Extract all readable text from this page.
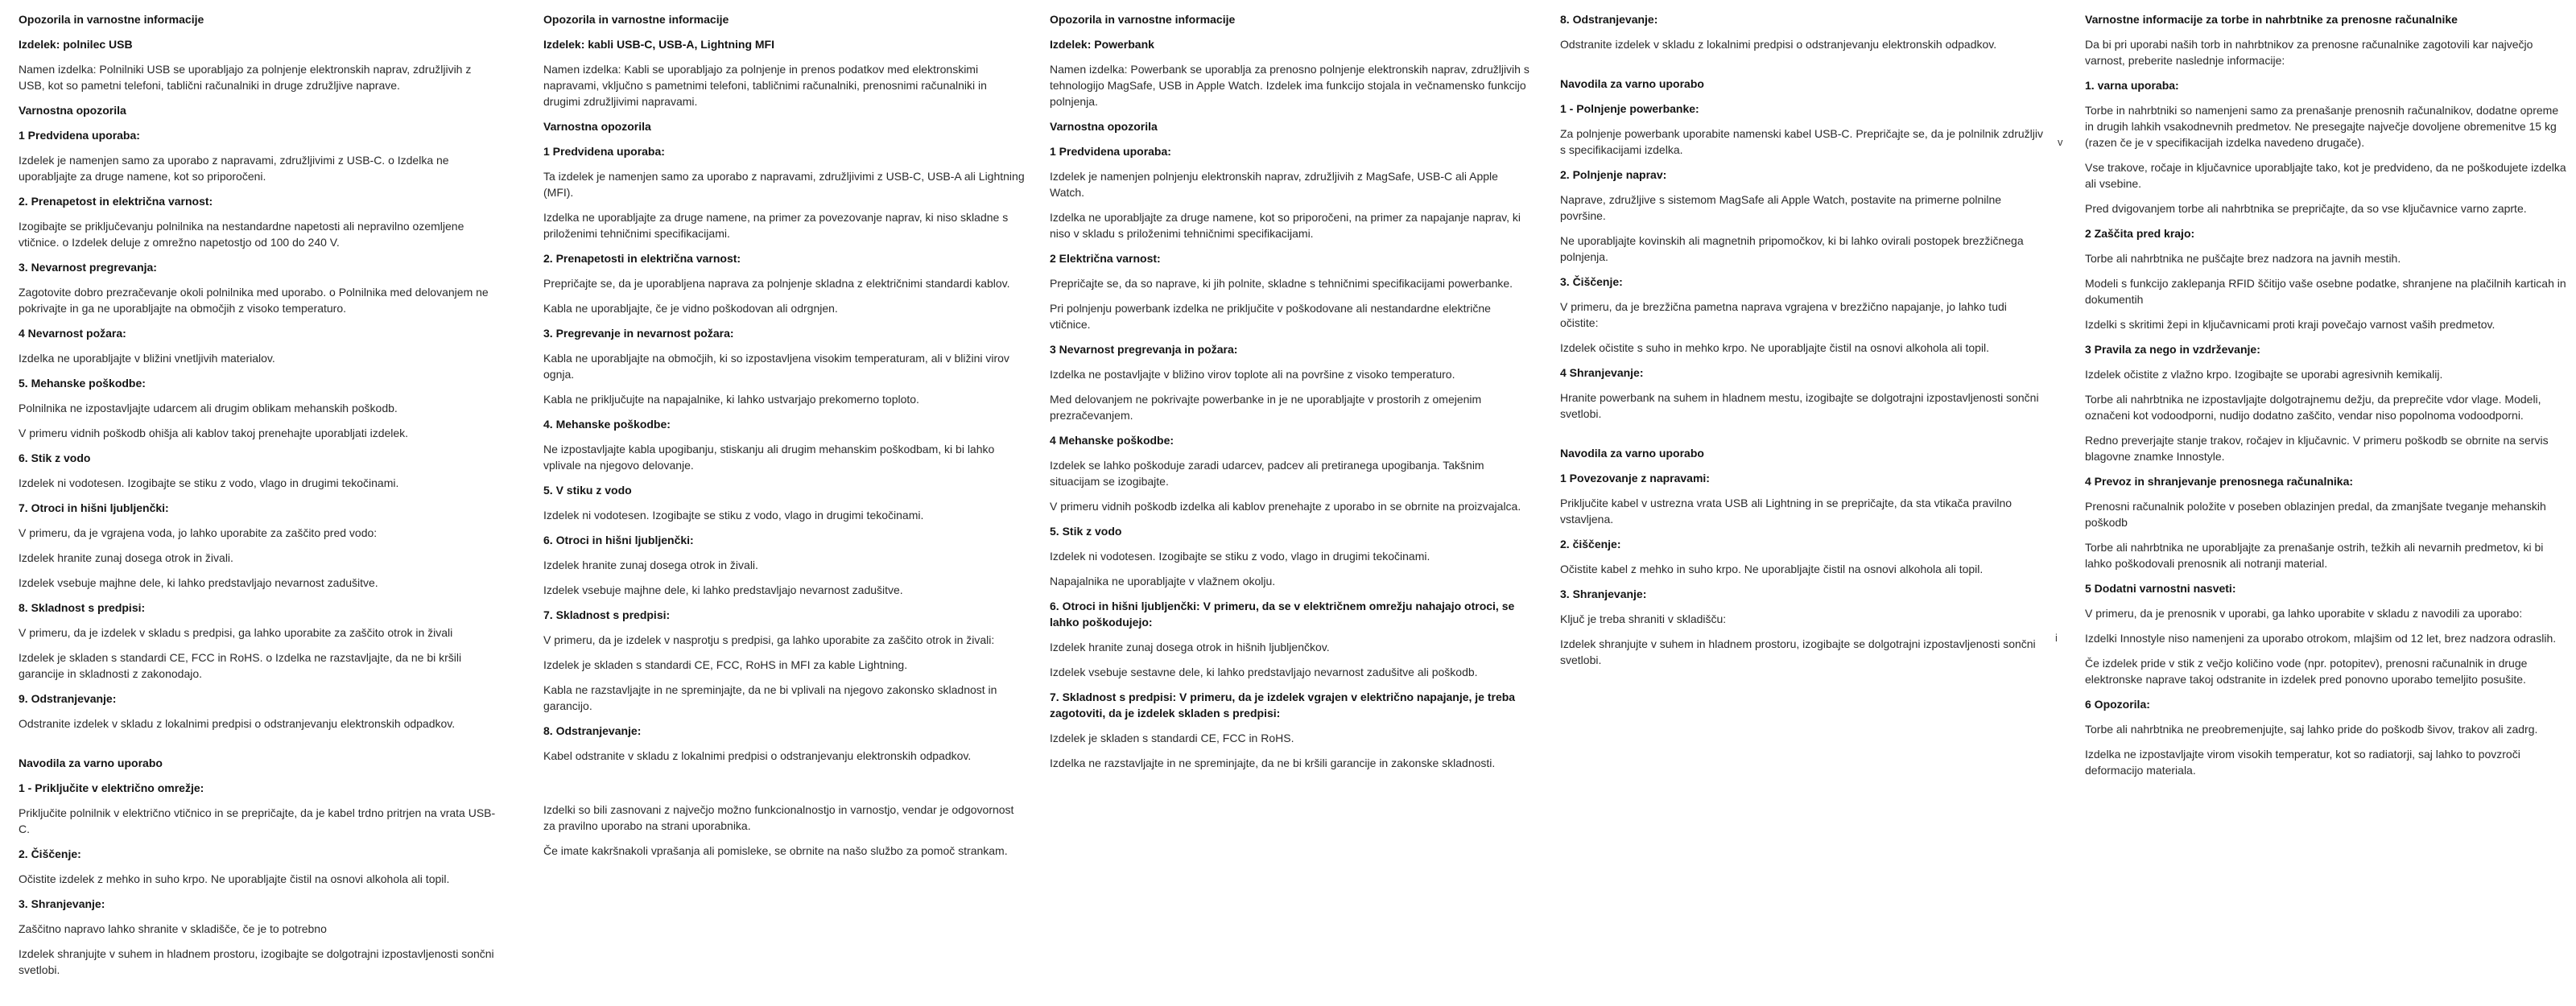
Opozorila in varnostne informacije
Izdelek: polnilec USB
Namen izdelka: Polnilniki USB se uporabljajo za polnjenje elektronskih naprav, združljivih z USB, kot so pametni telefoni, tablični računalniki in druge združljive naprave.
Varnostna opozorila
1 Predvidena uporaba:
Izdelek je namenjen samo za uporabo z napravami, združljivimi z USB-C. o Izdelka ne uporabljajte za druge namene, kot so priporočeni.
2. Prenapetost in električna varnost:
Izogibajte se priključevanju polnilnika na nestandardne napetosti ali nepravilno ozemljene vtičnice. o Izdelek deluje z omrežno napetostjo od 100 do 240 V.
3. Nevarnost pregrevanja:
Zagotovite dobro prezračevanje okoli polnilnika med uporabo. o Polnilnika med delovanjem ne pokrivajte in ga ne uporabljajte na območjih z visoko temperaturo.
4 Nevarnost požara:
Izdelka ne uporabljajte v bližini vnetljivih materialov.
5. Mehanske poškodbe:
Polnilnika ne izpostavljajte udarcem ali drugim oblikam mehanskih poškodb.
V primeru vidnih poškodb ohišja ali kablov takoj prenehajte uporabljati izdelek.
6. Stik z vodo
Izdelek ni vodotesen. Izogibajte se stiku z vodo, vlago in drugimi tekočinami.
7. Otroci in hišni ljubljenčki:
V primeru, da je vgrajena voda, jo lahko uporabite za zaščito pred vodo:
Izdelek hranite zunaj dosega otrok in živali.
Izdelek vsebuje majhne dele, ki lahko predstavljajo nevarnost zadušitve.
8. Skladnost s predpisi:
V primeru, da je izdelek v skladu s predpisi, ga lahko uporabite za zaščito otrok in živali
Izdelek je skladen s standardi CE, FCC in RoHS. o Izdelka ne razstavljajte, da ne bi kršili garancije in skladnosti z zakonodajo.
9. Odstranjevanje:
Odstranite izdelek v skladu z lokalnimi predpisi o odstranjevanju elektronskih odpadkov.
Navodila za varno uporabo
1 - Priključite v električno omrežje:
Priključite polnilnik v električno vtičnico in se prepričajte, da je kabel trdno pritrjen na vrata USB-C.
2. Čiščenje:
Očistite izdelek z mehko in suho krpo. Ne uporabljajte čistil na osnovi alkohola ali topil.
3. Shranjevanje:
Zaščitno napravo lahko shranite v skladišče, če je to potrebno
Izdelek shranjujte v suhem in hladnem prostoru, izogibajte se dolgotrajni izpostavljenosti sončni svetlobi.
Opozorila in varnostne informacije
Izdelek: kabli USB-C, USB-A, Lightning MFI
Namen izdelka: Kabli se uporabljajo za polnjenje in prenos podatkov med elektronskimi napravami, vključno s pametnimi telefoni, tabličnimi računalniki, prenosnimi računalniki in drugimi združljivimi napravami.
Varnostna opozorila
1 Predvidena uporaba:
Ta izdelek je namenjen samo za uporabo z napravami, združljivimi z USB-C, USB-A ali Lightning (MFI).
Izdelka ne uporabljajte za druge namene, na primer za povezovanje naprav, ki niso skladne s priloženimi tehničnimi specifikacijami.
2. Prenapetosti in električna varnost:
Prepričajte se, da je uporabljena naprava za polnjenje skladna z električnimi standardi kablov.
Kabla ne uporabljajte, če je vidno poškodovan ali odrgnjen.
3. Pregrevanje in nevarnost požara:
Kabla ne uporabljajte na območjih, ki so izpostavljena visokim temperaturam, ali v bližini virov ognja.
Kabla ne priključujte na napajalnike, ki lahko ustvarjajo prekomerno toploto.
4. Mehanske poškodbe:
Ne izpostavljajte kabla upogibanju, stiskanju ali drugim mehanskim poškodbam, ki bi lahko vplivale na njegovo delovanje.
5. V stiku z vodo
Izdelek ni vodotesen. Izogibajte se stiku z vodo, vlago in drugimi tekočinami.
6. Otroci in hišni ljubljenčki:
Izdelek hranite zunaj dosega otrok in živali.
Izdelek vsebuje majhne dele, ki lahko predstavljajo nevarnost zadušitve.
7. Skladnost s predpisi:
V primeru, da je izdelek v nasprotju s predpisi, ga lahko uporabite za zaščito otrok in živali:
Izdelek je skladen s standardi CE, FCC, RoHS in MFI za kable Lightning.
Kabla ne razstavljajte in ne spreminjajte, da ne bi vplivali na njegovo zakonsko skladnost in garancijo.
8. Odstranjevanje:
Kabel odstranite v skladu z lokalnimi predpisi o odstranjevanju elektronskih odpadkov.
Izdelki so bili zasnovani z največjo možno funkcionalnostjo in varnostjo, vendar je odgovornost za pravilno uporabo na strani uporabnika.
Če imate kakršnakoli vprašanja ali pomisleke, se obrnite na našo službo za pomoč strankam.
Opozorila in varnostne informacije
Izdelek: Powerbank
Namen izdelka: Powerbank se uporablja za prenosno polnjenje elektronskih naprav, združljivih s tehnologijo MagSafe, USB in Apple Watch. Izdelek ima funkcijo stojala in večnamensko funkcijo polnjenja.
Varnostna opozorila
1 Predvidena uporaba:
Izdelek je namenjen polnjenju elektronskih naprav, združljivih z MagSafe, USB-C ali Apple Watch.
Izdelka ne uporabljajte za druge namene, kot so priporočeni, na primer za napajanje naprav, ki niso v skladu s priloženimi tehničnimi specifikacijami.
2 Električna varnost:
Prepričajte se, da so naprave, ki jih polnite, skladne s tehničnimi specifikacijami powerbanke.
Pri polnjenju powerbank izdelka ne priključite v poškodovane ali nestandardne električne vtičnice.
3 Nevarnost pregrevanja in požara:
Izdelka ne postavljajte v bližino virov toplote ali na površine z visoko temperaturo.
Med delovanjem ne pokrivajte powerbanke in je ne uporabljajte v prostorih z omejenim prezračevanjem.
4 Mehanske poškodbe:
Izdelek se lahko poškoduje zaradi udarcev, padcev ali pretiranega upogibanja. Takšnim situacijam se izogibajte.
V primeru vidnih poškodb izdelka ali kablov prenehajte z uporabo in se obrnite na proizvajalca.
5. Stik z vodo
Izdelek ni vodotesen. Izogibajte se stiku z vodo, vlago in drugimi tekočinami.
Napajalnika ne uporabljajte v vlažnem okolju.
6. Otroci in hišni ljubljenčki: V primeru, da se v električnem omrežju nahajajo otroci, se lahko poškodujejo:
Izdelek hranite zunaj dosega otrok in hišnih ljubljenčkov.
Izdelek vsebuje sestavne dele, ki lahko predstavljajo nevarnost zadušitve ali poškodb.
7. Skladnost s predpisi: V primeru, da je izdelek vgrajen v električno napajanje, je treba zagotoviti, da je izdelek skladen s predpisi:
Izdelek je skladen s standardi CE, FCC in RoHS.
Izdelka ne razstavljajte in ne spreminjajte, da ne bi kršili garancije in zakonske skladnosti.
8. Odstranjevanje:
Odstranite izdelek v skladu z lokalnimi predpisi o odstranjevanju elektronskih odpadkov.
Navodila za varno uporabo
1 - Polnjenje powerbanke:
Za polnjenje powerbank uporabite namenski kabel USB-C. Prepričajte se, da je polnilnik združljiv s specifikacijami izdelka.
2. Polnjenje naprav:
Naprave, združljive s sistemom MagSafe ali Apple Watch, postavite na primerne polnilne površine.
Ne uporabljajte kovinskih ali magnetnih pripomočkov, ki bi lahko ovirali postopek brezžičnega polnjenja.
3. Čiščenje:
V primeru, da je brezžična pametna naprava vgrajena v brezžično napajanje, jo lahko tudi očistite:
Izdelek očistite s suho in mehko krpo. Ne uporabljajte čistil na osnovi alkohola ali topil.
4 Shranjevanje:
Hranite powerbank na suhem in hladnem mestu, izogibajte se dolgotrajni izpostavljenosti sončni svetlobi.
Navodila za varno uporabo
1 Povezovanje z napravami:
Priključite kabel v ustrezna vrata USB ali Lightning in se prepričajte, da sta vtikača pravilno vstavljena.
2. čiščenje:
Očistite kabel z mehko in suho krpo. Ne uporabljajte čistil na osnovi alkohola ali topil.
3. Shranjevanje:
Ključ je treba shraniti v skladišču:
Izdelek shranjujte v suhem in hladnem prostoru, izogibajte se dolgotrajni izpostavljenosti sončni svetlobi.
Varnostne informacije za torbe in nahrbtnike za prenosne računalnike
Da bi pri uporabi naših torb in nahrbtnikov za prenosne računalnike zagotovili kar največjo varnost, preberite naslednje informacije:
1. varna uporaba:
Torbe in nahrbtniki so namenjeni samo za prenašanje prenosnih računalnikov, dodatne opreme in drugih lahkih vsakodnevnih predmetov. Ne presegajte največje dovoljene obremenitve 15 kg (razen če je v specifikacijah izdelka navedeno drugače).
Vse trakove, ročaje in ključavnice uporabljajte tako, kot je predvideno, da ne poškodujete izdelka ali vsebine.
Pred dvigovanjem torbe ali nahrbtnika se prepričajte, da so vse ključavnice varno zaprte.
2 Zaščita pred krajo:
Torbe ali nahrbtnika ne puščajte brez nadzora na javnih mestih.
Modeli s funkcijo zaklepanja RFID ščitijo vaše osebne podatke, shranjene na plačilnih karticah in dokumentih
Izdelki s skritimi žepi in ključavnicami proti kraji povečajo varnost vaših predmetov.
3 Pravila za nego in vzdrževanje:
Izdelek očistite z vlažno krpo. Izogibajte se uporabi agresivnih kemikalij.
Torbe ali nahrbtnika ne izpostavljajte dolgotrajnemu dežju, da preprečite vdor vlage. Modeli, označeni kot vodoodporni, nudijo dodatno zaščito, vendar niso popolnoma vodoodporni.
Redno preverjajte stanje trakov, ročajev in ključavnic. V primeru poškodb se obrnite na servis blagovne znamke Innostyle.
4 Prevoz in shranjevanje prenosnega računalnika:
Prenosni računalnik položite v poseben oblazinjen predal, da zmanjšate tveganje mehanskih poškodb
Torbe ali nahrbtnika ne uporabljajte za prenašanje ostrih, težkih ali nevarnih predmetov, ki bi lahko poškodovali prenosnik ali notranji material.
5 Dodatni varnostni nasveti:
V primeru, da je prenosnik v uporabi, ga lahko uporabite v skladu z navodili za uporabo:
Izdelki Innostyle niso namenjeni za uporabo otrokom, mlajšim od 12 let, brez nadzora odraslih.
Če izdelek pride v stik z večjo količino vode (npr. potopitev), prenosni računalnik in druge elektronske naprave takoj odstranite in izdelek pred ponovno uporabo temeljito posušite.
6 Opozorila:
Torbe ali nahrbtnika ne preobremenjujte, saj lahko pride do poškodb šivov, trakov ali zadrg.
Izdelka ne izpostavljajte virom visokih temperatur, kot so radiatorji, saj lahko to povzroči deformacijo materiala.
v
i
